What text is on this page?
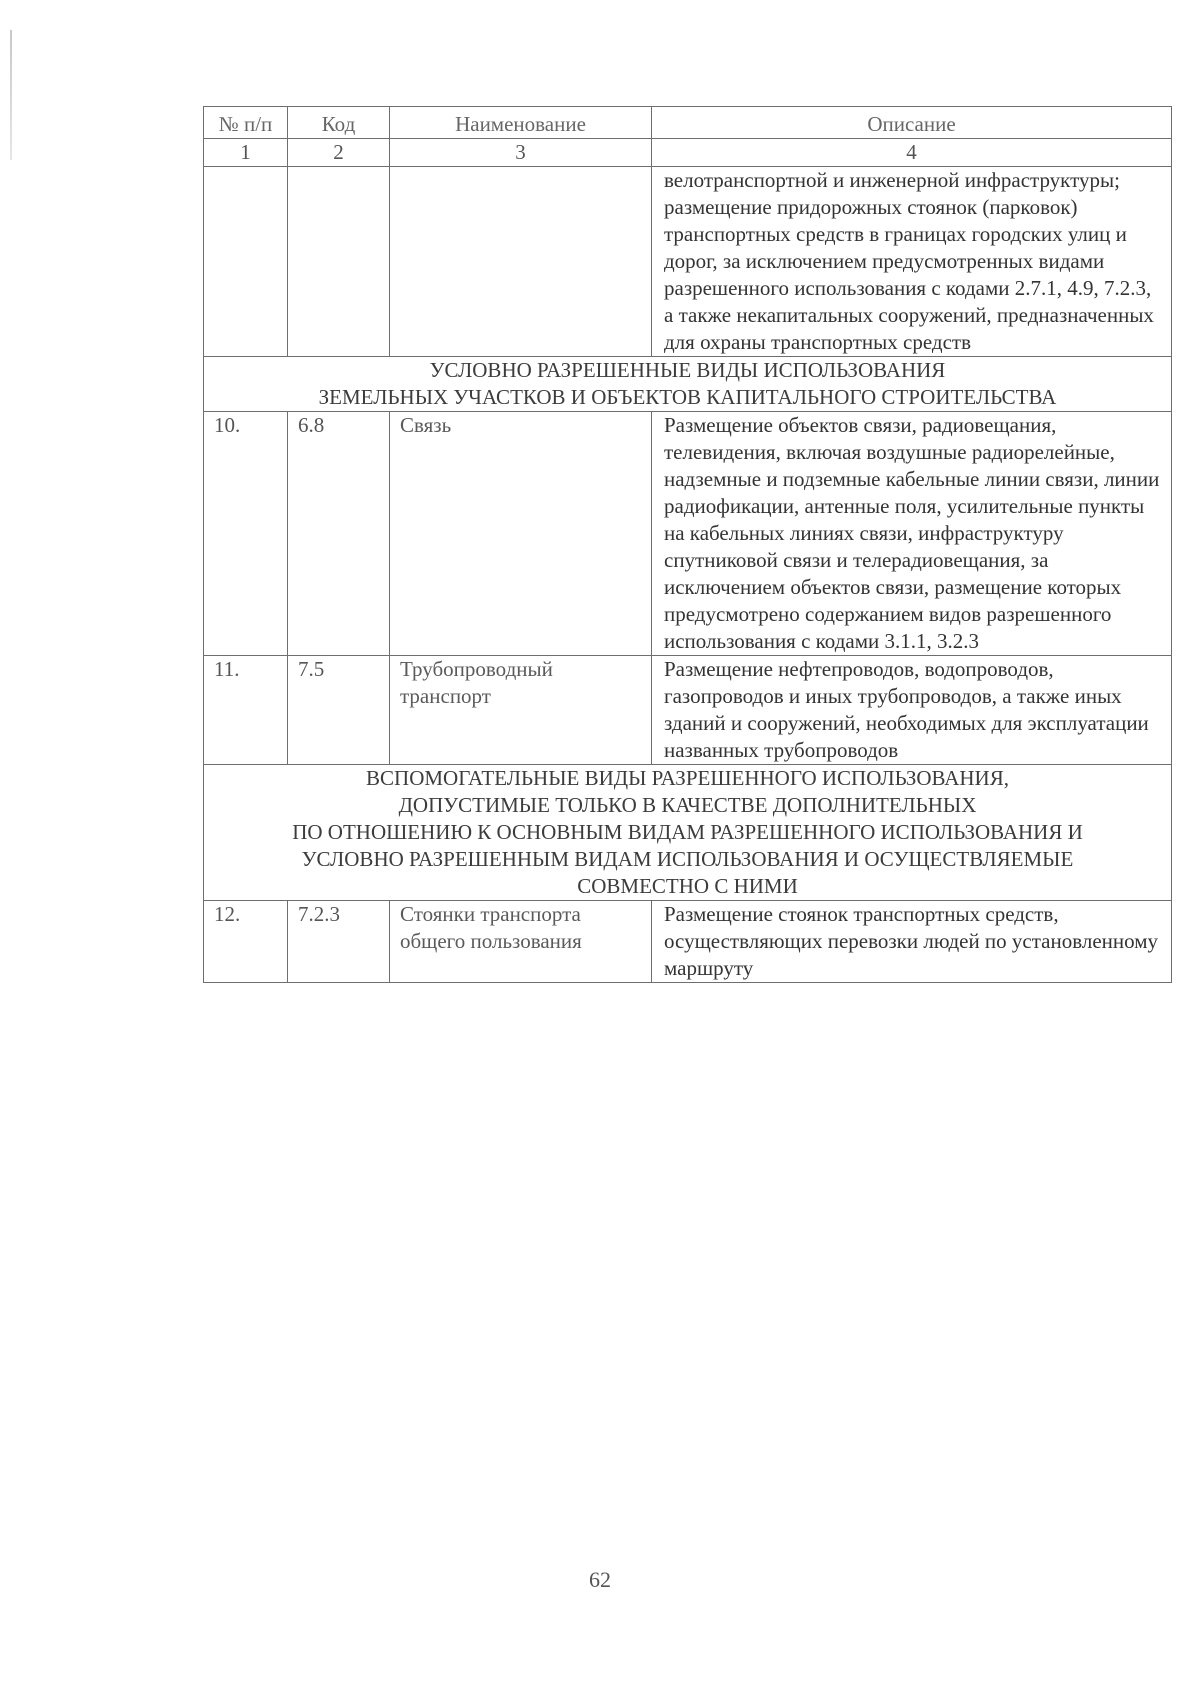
№ п/п	Код	Наименование	Описание
1	2	3	4
			велотранспортной и инженерной инфраструктуры; размещение придорожных стоянок (парковок) транспортных средств в границах городских улиц и дорог, за исключением предусмотренных видами разрешенного использования с кодами 2.7.1, 4.9, 7.2.3, а также некапитальных сооружений, предназначенных для охраны транспортных средств

УСЛОВНО РАЗРЕШЕННЫЕ ВИДЫ ИСПОЛЬЗОВАНИЯ
ЗЕМЕЛЬНЫХ УЧАСТКОВ И ОБЪЕКТОВ КАПИТАЛЬНОГО СТРОИТЕЛЬСТВА			

10.	6.8	Связь	Размещение объектов связи, радиовещания, телевидения, включая воздушные радиорелейные, надземные и подземные кабельные линии связи, линии радиофикации, антенные поля, усилительные пункты на кабельных линиях связи, инфраструктуру спутниковой связи и телерадиовещания, за исключением объектов связи, размещение которых предусмотрено содержанием видов разрешенного использования с кодами 3.1.1, 3.2.3
11.	7.5	Трубопроводный транспорт	Размещение нефтепроводов, водопроводов, газопроводов и иных трубопроводов, а также иных зданий и сооружений, необходимых для эксплуатации названных трубопроводов

ВСПОМОГАТЕЛЬНЫЕ ВИДЫ РАЗРЕШЕННОГО ИСПОЛЬЗОВАНИЯ,
ДОПУСТИМЫЕ ТОЛЬКО В КАЧЕСТВЕ ДОПОЛНИТЕЛЬНЫХ
ПО ОТНОШЕНИЮ К ОСНОВНЫМ ВИДАМ РАЗРЕШЕННОГО ИСПОЛЬЗОВАНИЯ И
УСЛОВНО РАЗРЕШЕННЫМ ВИДАМ ИСПОЛЬЗОВАНИЯ И ОСУЩЕСТВЛЯЕМЫЕ
СОВМЕСТНО С НИМИ			

12.	7.2.3	Стоянки транспорта общего пользования	Размещение стоянок транспортных средств, осуществляющих перевозки людей по установленному маршруту
62
